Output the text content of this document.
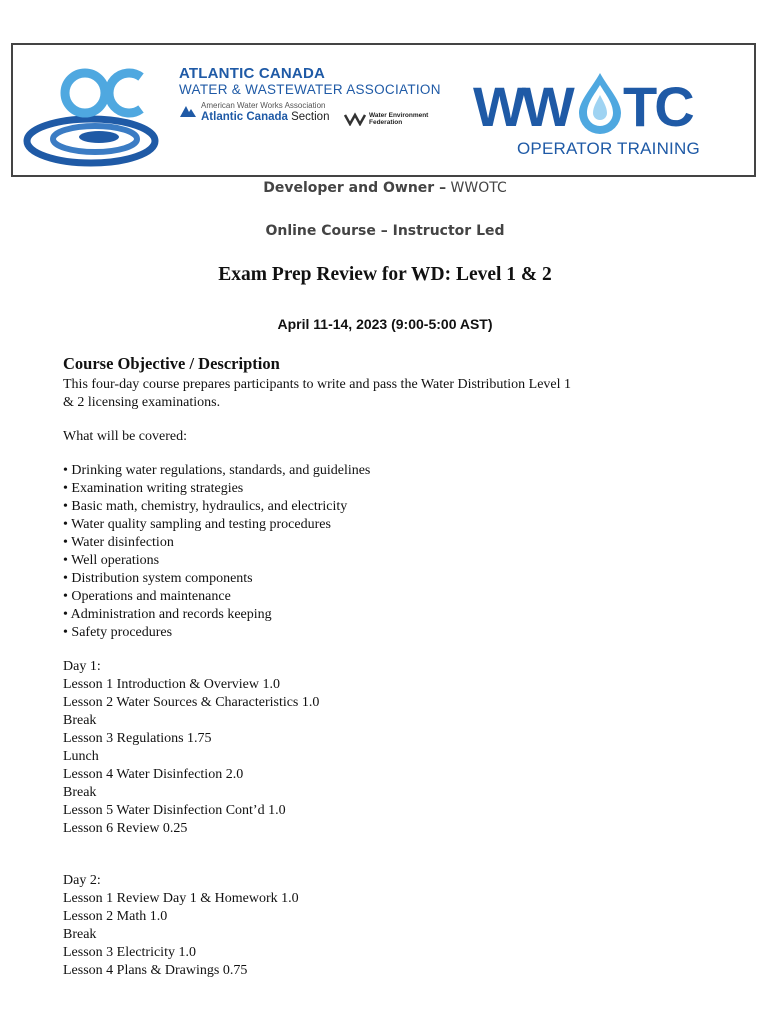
ATLANTIC CANADA
WATER & WASTEWATER ASSOCIATION
American Water Works Association
Atlantic Canada Section	Water Environment
Federation	WW TC
OPERATOR TRAINING
Developer and Owner – WWOTC
Online Course – Instructor Led
Exam Prep Review for WD: Level 1 & 2
April 11-14, 2023 (9:00-5:00 AST)
Course Objective / Description

This four-day course prepares participants to write and pass the Water Distribution Level 1

& 2 licensing examinations.

What will be covered:

• Drinking water regulations, standards, and guidelines
• Examination writing strategies
• Basic math, chemistry, hydraulics, and electricity
• Water quality sampling and testing procedures
• Water disinfection
• Well operations
• Distribution system components
• Operations and maintenance
• Administration and records keeping
• Safety procedures

Day 1:

Lesson 1 Introduction & Overview 1.0
Lesson 2 Water Sources & Characteristics 1.0
Break
Lesson 3 Regulations 1.75
Lunch
Lesson 4 Water Disinfection 2.0
Break
Lesson 5 Water Disinfection Cont’d 1.0
Lesson 6 Review 0.25

Day 2:

Lesson 1 Review Day 1 & Homework 1.0
Lesson 2 Math 1.0
Break
Lesson 3 Electricity 1.0
Lesson 4 Plans & Drawings 0.75
